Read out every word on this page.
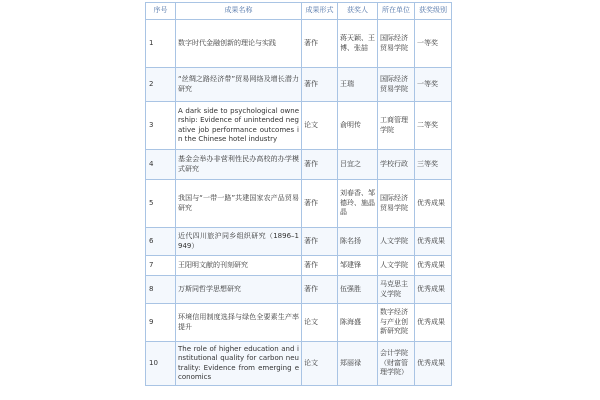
序号	成果名称	成果形式	获奖人	所在单位	获奖级别
1	数字时代金融创新的理论与实践	著作	蒋天颖、王博、张喆	国际经济贸易学院	一等奖
2	“丝绸之路经济带”贸易网络及增长潜力研究	著作	王瑞	国际经济贸易学院	一等奖
3	A dark side to psychological ownership: Evidence of unintended negative job performance outcomes in the Chinese hotel industry	论文	俞明传	工商管理学院	二等奖
4	基金会举办非营利性民办高校的办学模式研究	著作	吕宜之	学校行政	三等奖
5	我国与“一带一路”共建国家农产品贸易研究	著作	刘春香、邹德玲、施晶晶	国际经济贸易学院	优秀成果
6	近代四川旅沪同乡组织研究（1896–1949）	著作	陈名扬	人文学院	优秀成果
7	王阳明文献的刊刻研究	著作	邹建锋	人文学院	优秀成果
8	万斯同哲学思想研究	著作	伍强胜	马克思主义学院	优秀成果
9	环境信用制度选择与绿色全要素生产率提升	论文	陈海盛	数字经济与产业创新研究院	优秀成果
10	The role of higher education and institutional quality for carbon neutrality: Evidence from emerging economics	论文	郑丽禄	会计学院（财富管理学院）	优秀成果
